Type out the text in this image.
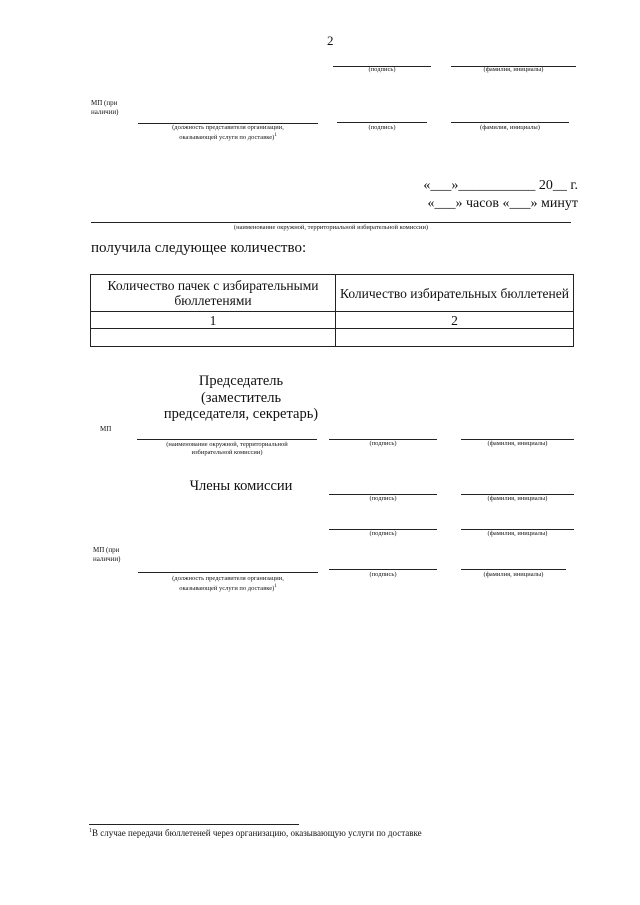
2
(подпись)	(фамилия, инициалы)
МП (при
наличии)
(должность представителя организации,
оказывающей услуги по доставке)$^1$
(подпись)	(фамилия, инициалы)
«___»___________ 20__ г.
«___» часов «___» минут
(наименование окружной, территориальной избирательной комиссии)
получила следующее количество:
Количество пачек с избирательными бюллетенями	Количество избирательных бюллетеней
1	2

Председатель
(заместитель
председателя, секретарь)
МП
(наименование окружной, территориальной
избирательной комиссии)
(подпись)	(фамилия, инициалы)
Члены комиссии
(подпись)	(фамилия, инициалы)
(подпись)	(фамилия, инициалы)
МП (при
наличии)
(должность представителя организации,
оказывающей услуги по доставке)$^1$
(подпись)	(фамилия, инициалы)
$^1$В случае передачи бюллетеней через организацию, оказывающую услуги по доставке
